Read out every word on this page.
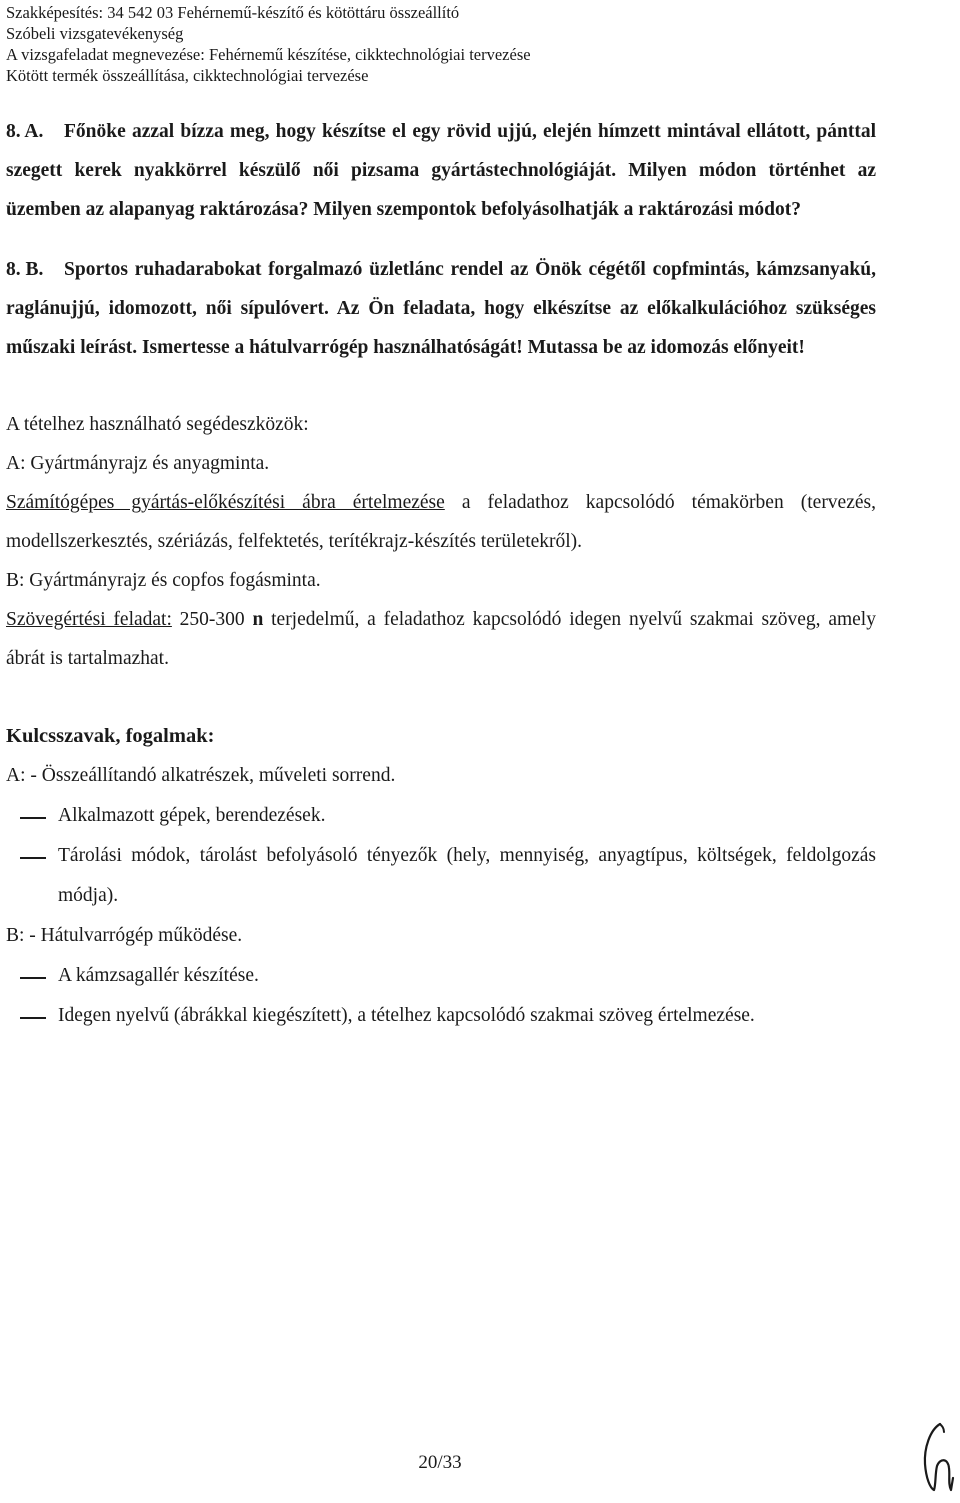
Szakképesítés: 34 542 03 Fehérnemű-készítő és kötöttáru összeállító
Szóbeli vizsgatevékenység
A vizsgafeladat megnevezése: Fehérnemű készítése, cikktechnológiai tervezése
Kötött termék összeállítása, cikktechnológiai tervezése
8. A. Főnöke azzal bízza meg, hogy készítse el egy rövid ujjú, elején hímzett mintával ellátott, pánttal szegett kerek nyakkörrel készülő női pizsama gyártástechnológiáját. Milyen módon történhet az üzemben az alapanyag raktározása? Milyen szempontok befolyásolhatják a raktározási módot?
8. B. Sportos ruhadarabokat forgalmazó üzletlánc rendel az Önök cégétől copfmintás, kámzsanyakú, raglánujjú, idomozott, női sípulóvert. Az Ön feladata, hogy elkészítse az előkalkulációhoz szükséges műszaki leírást. Ismertesse a hátulvarrógép használhatóságát! Mutassa be az idomozás előnyeit!
A tételhez használható segédeszközök:
A: Gyártmányrajz és anyagminta.
Számítógépes gyártás-előkészítési ábra értelmezése a feladathoz kapcsolódó témakörben (tervezés, modellszerkesztés, szériázás, felfektetés, terítékrajz-készítés területekről).
B: Gyártmányrajz és copfos fogásminta.
Szövegértési feladat: 250-300 n terjedelmű, a feladathoz kapcsolódó idegen nyelvű szakmai szöveg, amely ábrát is tartalmazhat.
Kulcsszavak, fogalmak:
A: - Összeállítandó alkatrészek, műveleti sorrend.
Alkalmazott gépek, berendezések.
Tárolási módok, tárolást befolyásoló tényezők (hely, mennyiség, anyagtípus, költségek, feldolgozás módja).
B: - Hátulvarrógép működése.
A kámzsagallér készítése.
Idegen nyelvű (ábrákkal kiegészített), a tételhez kapcsolódó szakmai szöveg értelmezése.
20/33
